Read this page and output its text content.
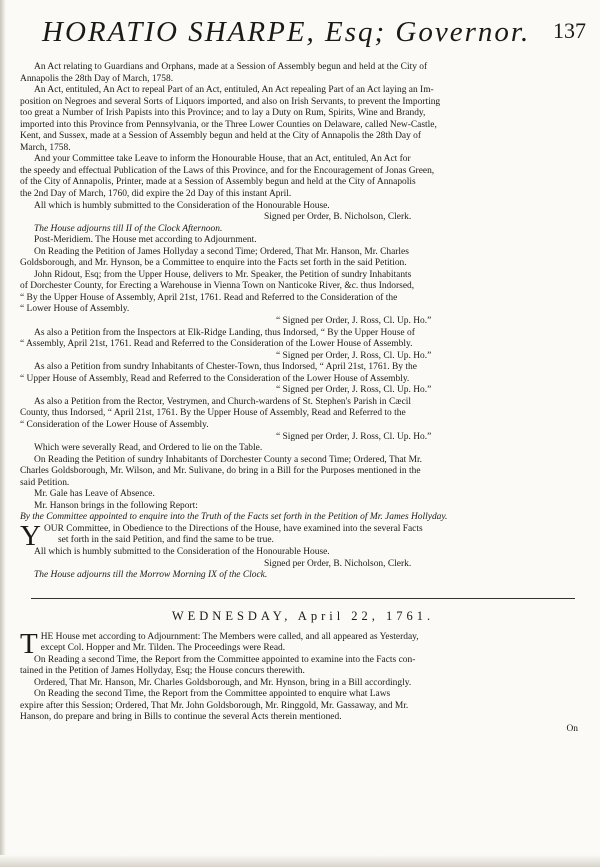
HORATIO SHARPE, Esq; Governor. 137
An Act relating to Guardians and Orphans, made at a Session of Assembly begun and held at the City of
Annapolis the 28th Day of March, 1758.
An Act, entituled, An Act to repeal Part of an Act, entituled, An Act repealing Part of an Act laying an Im-
position on Negroes and several Sorts of Liquors imported, and also on Irish Servants, to prevent the Importing
too great a Number of Irish Papists into this Province; and to lay a Duty on Rum, Spirits, Wine and Brandy,
imported into this Province from Pennsylvania, or the Three Lower Counties on Delaware, called New-Castle,
Kent, and Sussex, made at a Session of Assembly begun and held at the City of Annapolis the 28th Day of
March, 1758.
And your Committee take Leave to inform the Honourable House, that an Act, entituled, An Act for
the speedy and effectual Publication of the Laws of this Province, and for the Encouragement of Jonas Green,
of the City of Annapolis, Printer, made at a Session of Assembly begun and held at the City of Annapolis
the 2nd Day of March, 1760, did expire the 2d Day of this instant April.
All which is humbly submitted to the Consideration of the Honourable House.
Signed per Order, B. Nicholson, Clerk.
The House adjourns till II of the Clock Afternoon.
Post-Meridiem. The House met according to Adjournment.
On Reading the Petition of James Hollyday a second Time; Ordered, That Mr. Hanson, Mr. Charles
Goldsborough, and Mr. Hynson, be a Committee to enquire into the Facts set forth in the said Petition.
John Ridout, Esq; from the Upper House, delivers to Mr. Speaker, the Petition of sundry Inhabitants
of Dorchester County, for Erecting a Warehouse in Vienna Town on Nanticoke River, &c. thus Indorsed,
“ By the Upper House of Assembly, April 21st, 1761. Read and Referred to the Consideration of the
“ Lower House of Assembly.
“ Signed per Order, J. Ross, Cl. Up. Ho.”
As also a Petition from the Inspectors at Elk-Ridge Landing, thus Indorsed, “ By the Upper House of
“ Assembly, April 21st, 1761. Read and Referred to the Consideration of the Lower House of Assembly.
“ Signed per Order, J. Ross, Cl. Up. Ho.”
As also a Petition from sundry Inhabitants of Chester-Town, thus Indorsed, “ April 21st, 1761. By the
“ Upper House of Assembly, Read and Referred to the Consideration of the Lower House of Assembly.
“ Signed per Order, J. Ross, Cl. Up. Ho.”
As also a Petition from the Rector, Vestrymen, and Church-wardens of St. Stephen's Parish in Cæcil
County, thus Indorsed, “ April 21st, 1761. By the Upper House of Assembly, Read and Referred to the
“ Consideration of the Lower House of Assembly.
“ Signed per Order, J. Ross, Cl. Up. Ho.”
Which were severally Read, and Ordered to lie on the Table.
On Reading the Petition of sundry Inhabitants of Dorchester County a second Time; Ordered, That Mr.
Charles Goldsborough, Mr. Wilson, and Mr. Sulivane, do bring in a Bill for the Purposes mentioned in the
said Petition.
Mr. Gale has Leave of Absence.
Mr. Hanson brings in the following Report:
By the Committee appointed to enquire into the Truth of the Facts set forth in the Petition of Mr. James Hollyday.
Y OUR Committee, in Obedience to the Directions of the House, have examined into the several Facts
set forth in the said Petition, and find the same to be true.
All which is humbly submitted to the Consideration of the Honourable House.
Signed per Order, B. Nicholson, Clerk.
The House adjourns till the Morrow Morning IX of the Clock.
WEDNESDAY, April 22, 1761.
T HE House met according to Adjournment: The Members were called, and all appeared as Yesterday,
except Col. Hopper and Mr. Tilden. The Proceedings were Read.
On Reading a second Time, the Report from the Committee appointed to examine into the Facts con-
tained in the Petition of James Hollyday, Esq; the House concurs therewith.
Ordered, That Mr. Hanson, Mr. Charles Goldsborough, and Mr. Hynson, bring in a Bill accordingly.
On Reading the second Time, the Report from the Committee appointed to enquire what Laws
expire after this Session; Ordered, That Mr. John Goldsborough, Mr. Ringgold, Mr. Gassaway, and Mr.
Hanson, do prepare and bring in Bills to continue the several Acts therein mentioned.
On
